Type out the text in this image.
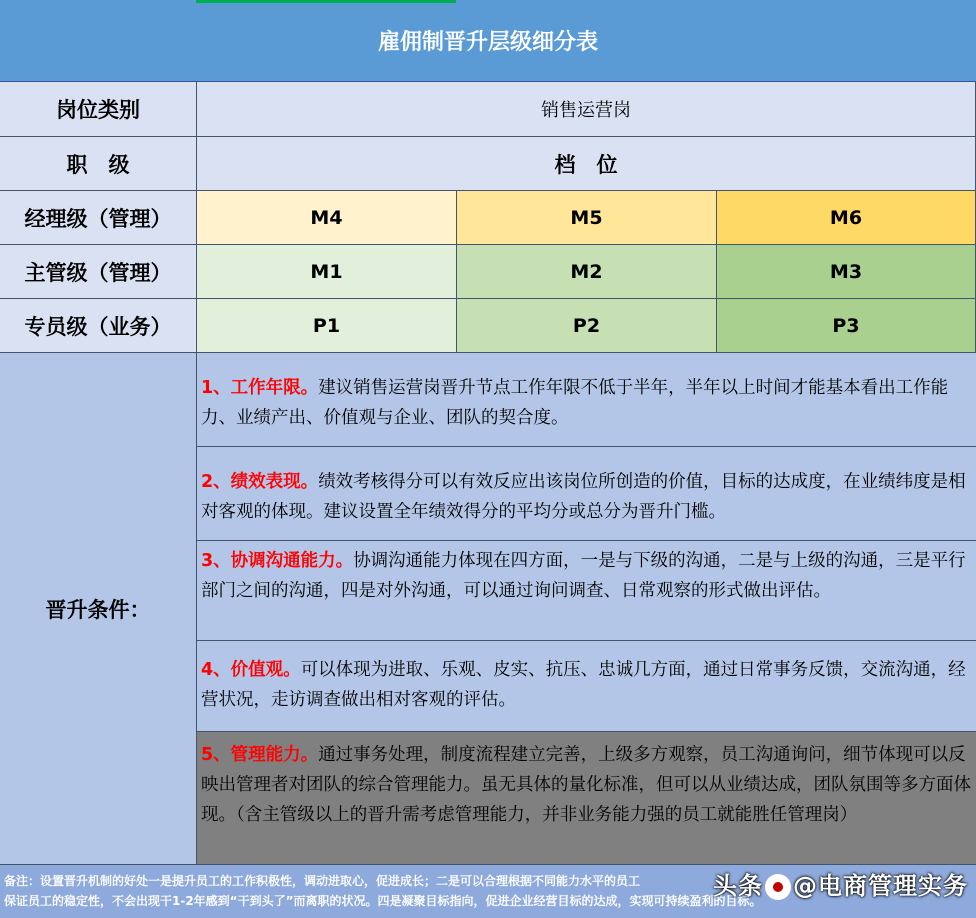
雇佣制晋升层级细分表
岗位类别	销售运营岗
职　级	档　位
经理级（管理）	M4	M5	M6
主管级（管理）	M1	M2	M3
专员级（业务）	P1	P2	P3
晋升条件：
1、工作年限。建议销售运营岗晋升节点工作年限不低于半年，半年以上时间才能基本看出工作能力、业绩产出、价值观与企业、团队的契合度。
2、绩效表现。绩效考核得分可以有效反应出该岗位所创造的价值，目标的达成度，在业绩纬度是相对客观的体现。建议设置全年绩效得分的平均分或总分为晋升门槛。
3、协调沟通能力。协调沟通能力体现在四方面，一是与下级的沟通，二是与上级的沟通，三是平行部门之间的沟通，四是对外沟通，可以通过询问调查、日常观察的形式做出评估。
4、价值观。可以体现为进取、乐观、皮实、抗压、忠诚几方面，通过日常事务反馈，交流沟通，经营状况，走访调查做出相对客观的评估。
5、管理能力。通过事务处理，制度流程建立完善，上级多方观察，员工沟通询问，细节体现可以反映出管理者对团队的综合管理能力。虽无具体的量化标准，但可以从业绩达成，团队氛围等多方面体现。（含主管级以上的晋升需考虑管理能力，并非业务能力强的员工就能胜任管理岗）
备注：设置晋升机制的好处一是提升员工的工作积极性，调动进取心，促进成长；二是可以合理根据不同能力水平的员工
保证员工的稳定性，不会出现干1-2年感到“干到头了”而离职的状况。四是凝聚目标指向，促进企业经营目标的达成，实现可持续盈利的目标。
头条 @电商管理实务
